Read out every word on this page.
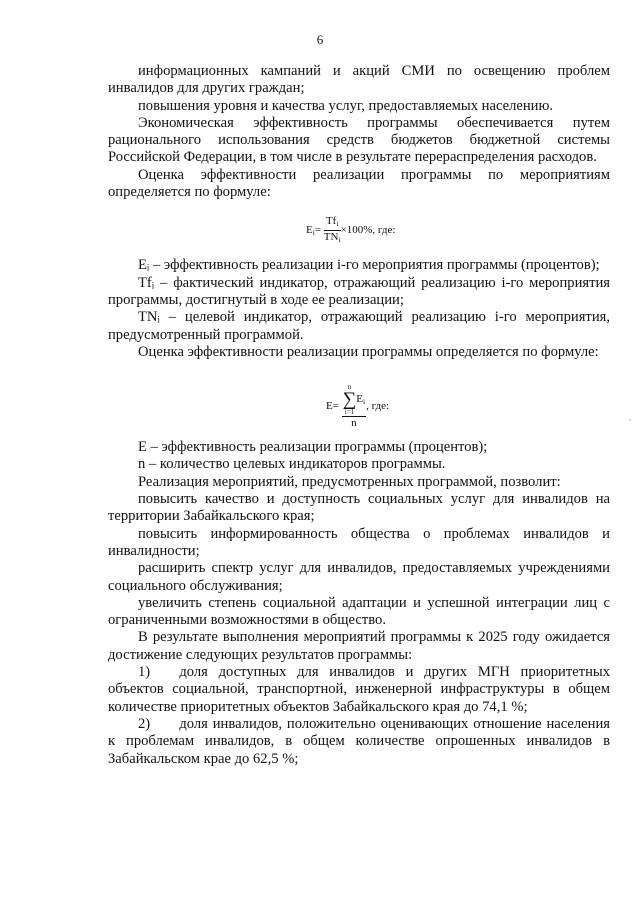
6

информационных кампаний и акций СМИ по освещению проблем инвалидов для других граждан;

повышения уровня и качества услуг, предоставляемых населению.

Экономическая эффективность программы обеспечивается путем рационального использования средств бюджетов бюджетной системы Российской Федерации, в том числе в результате перераспределения расходов.

Оценка эффективности реализации программы по мероприятиям определяется по формуле:

$E_i= \frac{Tf_i}{TN_i} \times 100\%$, где:

Eᵢ – эффективность реализации i-го мероприятия программы (процентов);

Tfᵢ – фактический индикатор, отражающий реализацию i-го мероприятия программы, достигнутый в ходе ее реализации;

TNᵢ – целевой индикатор, отражающий реализацию i-го мероприятия, предусмотренный программой.

Оценка эффективности реализации программы определяется по формуле:

E= n
∑
$i=1E_i$
n , где:

E – эффективность реализации программы (процентов);

n – количество целевых индикаторов программы.

Реализация мероприятий, предусмотренных программой, позволит:

повысить качество и доступность социальных услуг для инвалидов на территории Забайкальского края;

повысить информированность общества о проблемах инвалидов и инвалидности;

расширить спектр услуг для инвалидов, предоставляемых учреждениями социального обслуживания;

увеличить степень социальной адаптации и успешной интеграции лиц с ограниченными возможностями в общество.

В результате выполнения мероприятий программы к 2025 году ожидается достижение следующих результатов программы:

1)  доля доступных для инвалидов и других МГН приоритетных объектов социальной, транспортной, инженерной инфраструктуры в общем количестве приоритетных объектов Забайкальского края до 74,1 %;

2)  доля инвалидов, положительно оценивающих отношение населения к проблемам инвалидов, в общем количестве опрошенных инвалидов в Забайкальском крае до 62,5 %;

`
